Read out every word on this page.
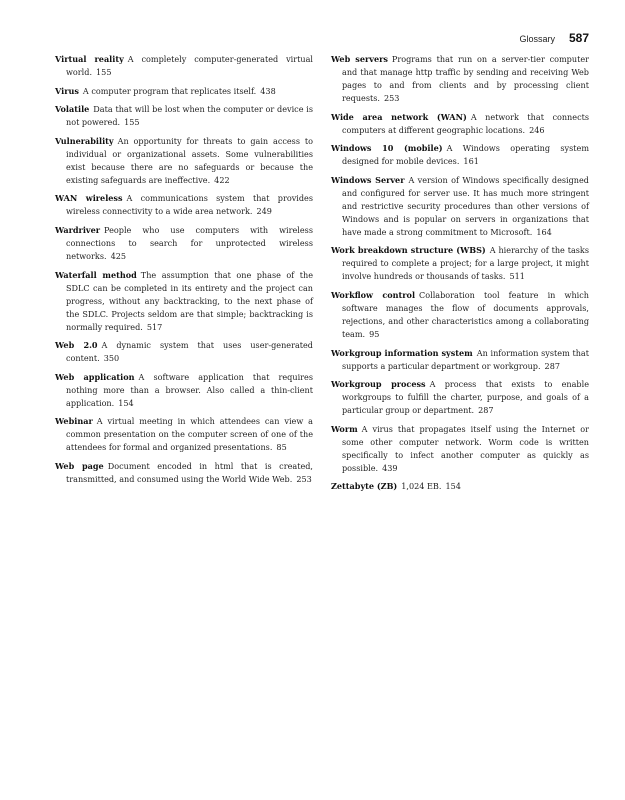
Glossary 587

Virtual reality A completely computer-generated virtual world. 155

Virus A computer program that replicates itself. 438

Volatile Data that will be lost when the computer or device is not powered. 155

Vulnerability An opportunity for threats to gain access to individual or organizational assets. Some vulnerabilities exist because there are no safeguards or because the existing safeguards are ineffective. 422

WAN wireless A communications system that provides wireless connectivity to a wide area network. 249

Wardriver People who use computers with wireless connections to search for unprotected wireless networks. 425

Waterfall method The assumption that one phase of the SDLC can be completed in its entirety and the project can progress, without any backtracking, to the next phase of the SDLC. Projects seldom are that simple; backtracking is normally required. 517

Web 2.0 A dynamic system that uses user-generated content. 350

Web application A software application that requires nothing more than a browser. Also called a thin-client application. 154

Webinar A virtual meeting in which attendees can view a common presentation on the computer screen of one of the attendees for formal and organized presentations. 85

Web page Document encoded in html that is created, transmitted, and consumed using the World Wide Web. 253

Web servers Programs that run on a server-tier computer and that manage http traffic by sending and receiving Web pages to and from clients and by processing client requests. 253

Wide area network (WAN) A network that connects computers at different geographic locations. 246

Windows 10 (mobile) A Windows operating system designed for mobile devices. 161

Windows Server A version of Windows specifically designed and configured for server use. It has much more stringent and restrictive security procedures than other versions of Windows and is popular on servers in organizations that have made a strong commitment to Microsoft. 164

Work breakdown structure (WBS) A hierarchy of the tasks required to complete a project; for a large project, it might involve hundreds or thousands of tasks. 511

Workflow control Collaboration tool feature in which software manages the flow of documents approvals, rejections, and other characteristics among a collaborating team. 95

Workgroup information system An information system that supports a particular department or workgroup. 287

Workgroup process A process that exists to enable workgroups to fulfill the charter, purpose, and goals of a particular group or department. 287

Worm A virus that propagates itself using the Internet or some other computer network. Worm code is written specifically to infect another computer as quickly as possible. 439

Zettabyte (ZB) 1,024 EB. 154
